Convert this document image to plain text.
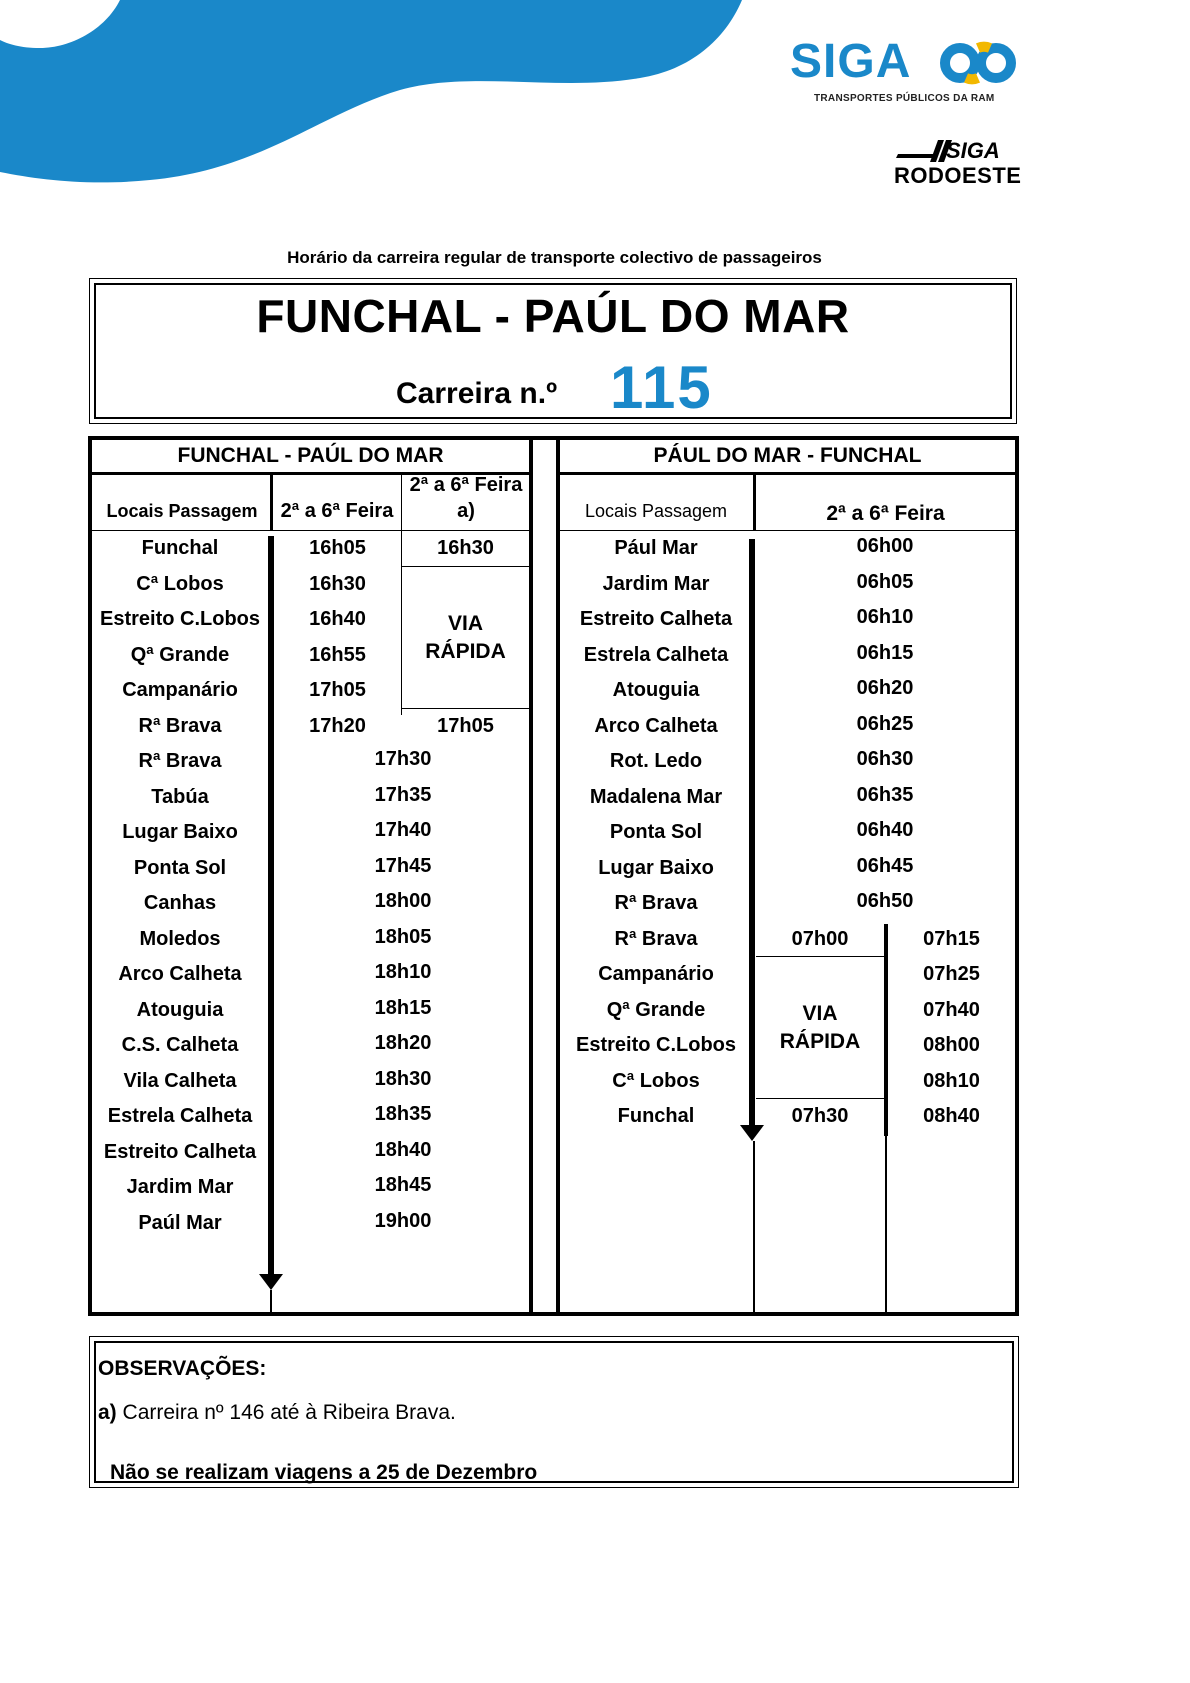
SIGA
TRANSPORTES PÚBLICOS DA RAM
SIGA
RODOESTE
Horário da carreira regular de transporte colectivo de passageiros
FUNCHAL - PAÚL DO MAR
Carreira n.º 115
FUNCHAL - PAÚL DO MAR
Locais Passagem	2ª a 6ª Feira
2ª a 6ª Feira
a)
Funchal
Cª Lobos
Estreito C.Lobos
Qª Grande
Campanário
Rª Brava
Rª Brava
Tabúa
Lugar Baixo
Ponta Sol
Canhas
Moledos
Arco Calheta
Atouguia
C.S. Calheta
Vila Calheta
Estrela Calheta
Estreito Calheta
Jardim Mar
Paúl Mar
16h05
16h30
16h40
16h55
17h05
17h20
16h30
17h05
17h30
17h35
17h40
17h45
18h00
18h05
18h10
18h15
18h20
18h30
18h35
18h40
18h45
19h00
VIA
RÁPIDA
PÁUL DO MAR - FUNCHAL
Locais Passagem	2ª a 6ª Feira
Pául Mar
Jardim Mar
Estreito Calheta
Estrela Calheta
Atouguia
Arco Calheta
Rot. Ledo
Madalena Mar
Ponta Sol
Lugar Baixo
Rª Brava
Rª Brava
Campanário
Qª Grande
Estreito C.Lobos
Cª Lobos
Funchal
06h00
06h05
06h10
06h15
06h20
06h25
06h30
06h35
06h40
06h45
06h50
07h00
07h30
07h15
07h25
07h40
08h00
08h10
08h40
VIA
RÁPIDA
OBSERVAÇÕES:
a) Carreira nº 146 até à Ribeira Brava.
Não se realizam viagens a 25 de Dezembro
